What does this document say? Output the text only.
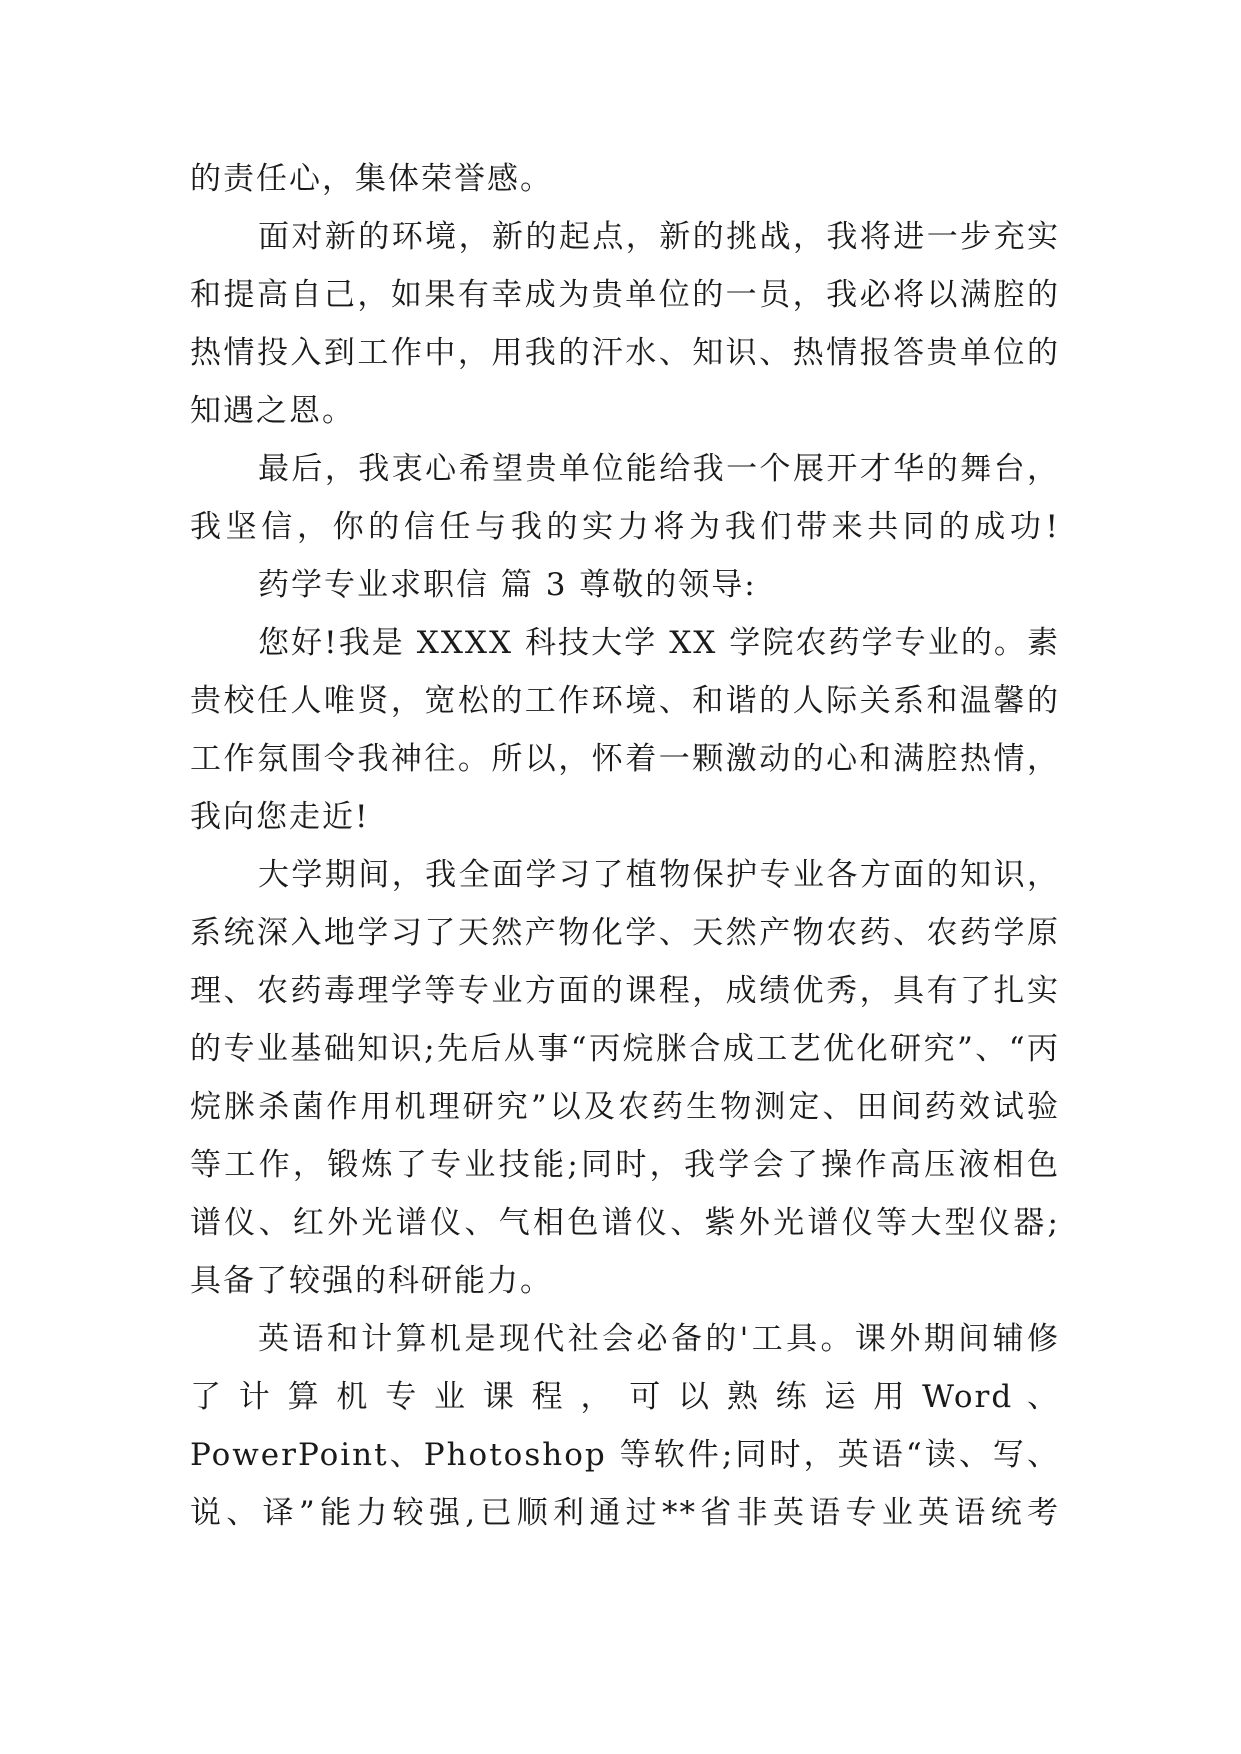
的责任心，集体荣誉感。
面对新的环境，新的起点，新的挑战，我将进一步充实
和提高自己，如果有幸成为贵单位的一员，我必将以满腔的
热情投入到工作中，用我的汗水、知识、热情报答贵单位的
知遇之恩。
最后，我衷心希望贵单位能给我一个展开才华的舞台，
我坚信，你的信任与我的实力将为我们带来共同的成功!
药学专业求职信 篇 3 尊敬的领导:
您好!我是 XXXX 科技大学 XX 学院农药学专业的。素
贵校任人唯贤，宽松的工作环境、和谐的人际关系和温馨的
工作氛围令我神往。所以，怀着一颗激动的心和满腔热情，
我向您走近!
大学期间，我全面学习了植物保护专业各方面的知识，
系统深入地学习了天然产物化学、天然产物农药、农药学原
理、农药毒理学等专业方面的课程，成绩优秀，具有了扎实
的专业基础知识;先后从事“丙烷脒合成工艺优化研究”、“丙
烷脒杀菌作用机理研究”以及农药生物测定、田间药效试验
等工作，锻炼了专业技能;同时，我学会了操作高压液相色
谱仪、红外光谱仪、气相色谱仪、紫外光谱仪等大型仪器;
具备了较强的科研能力。
英语和计算机是现代社会必备的'工具。课外期间辅修
了 计 算 机 专 业 课 程 ， 可 以 熟 练 运 用 Word 、
PowerPoint、Photoshop 等软件;同时，英语“读、写、
说、译”能力较强,已顺利通过**省非英语专业英语统考
